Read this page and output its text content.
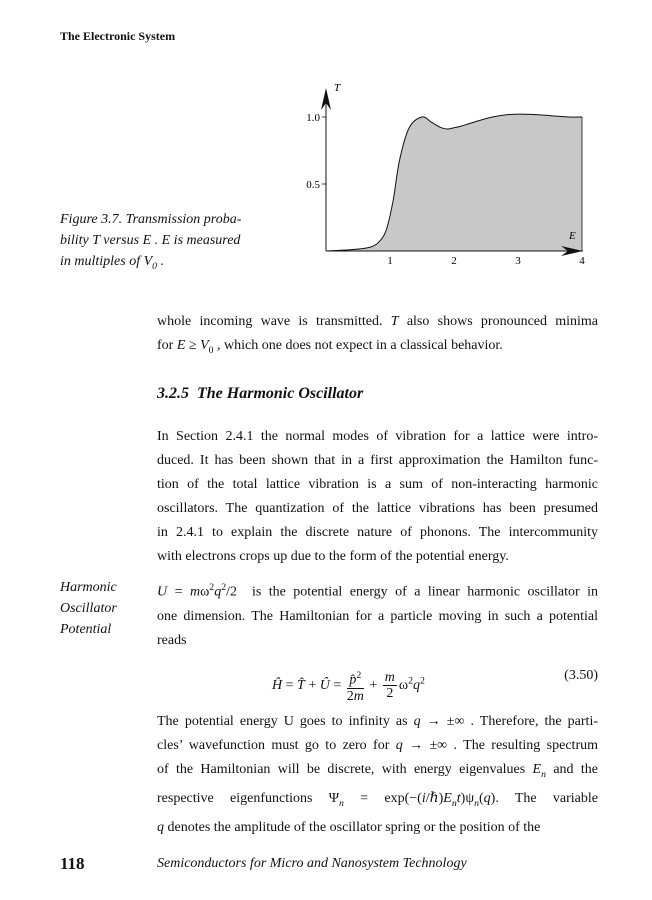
The Electronic System
T
E
1	2	3	4
0.5
1.0
Figure 3.7. Transmission proba-
bility T versus E . E is measured
in multiples of $V_0$ .
whole incoming wave is transmitted. T also shows pronounced minima
for $E \ge V_0$ , which one does not expect in a classical behavior.
3.2.5 The Harmonic Oscillator
In Section 2.4.1 the normal modes of vibration for a lattice were intro-
duced. It has been shown that in a first approximation the Hamilton func-
tion of the total lattice vibration is a sum of non-interacting harmonic
oscillators. The quantization of the lattice vibrations has been presumed
in 2.4.1 to explain the discrete nature of phonons. The intercommunity
with electrons crops up due to the form of the potential energy.
Harmonic
Oscillator
Potential
$U = m\omega^2q^2/2$  is the potential energy of a linear harmonic oscillator in
one dimension. The Hamiltonian for a particle moving in such a potential
reads
Ĥ = T̂ + Û = $\frac{p̂^2}{2m} + \frac{m}{2} \omega^2q^2$	(3.50)
The potential energy U goes to infinity as q → ±∞ . Therefore, the parti-
cles’ wavefunction must go to zero for q → ±∞ . The resulting spectrum
of the Hamiltonian will be discrete, with energy eigenvalues $E_n$ and the
respective eigenfunctions $\Psi_n$ = $\exp(-(i/\hbar)E_nt)\psi_n(q)$. The variable
q denotes the amplitude of the oscillator spring or the position of the
118	Semiconductors for Micro and Nanosystem Technology
